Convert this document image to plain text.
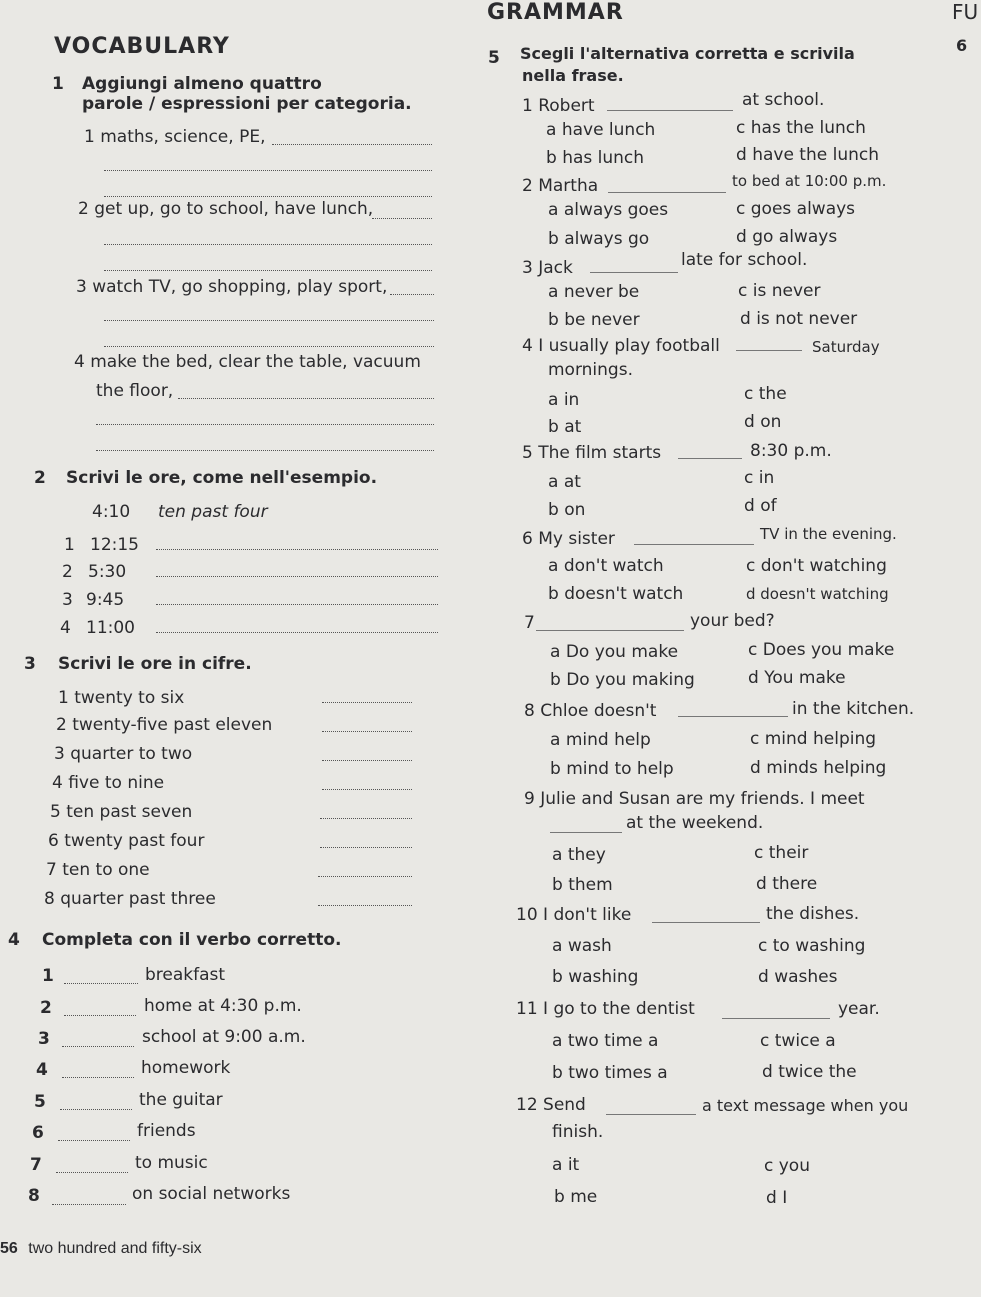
GRAMMAR	FU
6
VOCABULARY
1 Aggiungi almeno quattro
parole / espressioni per categoria.
1 maths, science, PE,
2 get up, go to school, have lunch,
3 watch TV, go shopping, play sport,
4 make the bed, clear the table, vacuum
the floor,
2 Scrivi le ore, come nell'esempio.
4:10 ten past four
1 12:15
2 5:30
3 9:45
4 11:00
3 Scrivi le ore in cifre.
1 twenty to six
2 twenty-five past eleven
3 quarter to two
4 five to nine
5 ten past seven
6 twenty past four
7 ten to one
8 quarter past three
4 Completa con il verbo corretto.
1	breakfast
2	home at 4:30 p.m.
3	school at 9:00 a.m.
4	homework
5	the guitar
6	friends
7	to music
8	on social networks
56 two hundred and fifty-six
5 Scegli l'alternativa corretta e scrivila
nella frase.
1 Robert	at school.
a have lunch	c has the lunch
b has lunch	d have the lunch
2 Martha	to bed at 10:00 p.m.
a always goes	c goes always
b always go	d go always
3 Jack	late for school.
a never be	c is never
b be never	d is not never
4 I usually play football	Saturday
mornings.
a in	c the
b at	d on
5 The film starts	8:30 p.m.
a at	c in
b on	d of
6 My sister	TV in the evening.
a don't watch	c don't watching
b doesn't watch	d doesn't watching
7	your bed?
a Do you make	c Does you make
b Do you making	d You make
8 Chloe doesn't	in the kitchen.
a mind help	c mind helping
b mind to help	d minds helping
9 Julie and Susan are my friends. I meet
at the weekend.
a they	c their
b them	d there
10 I don't like	the dishes.
a wash	c to washing
b washing	d washes
11 I go to the dentist	year.
a two time a	c twice a
b two times a	d twice the
12 Send	a text message when you
finish.
a it	c you
b me	d I
